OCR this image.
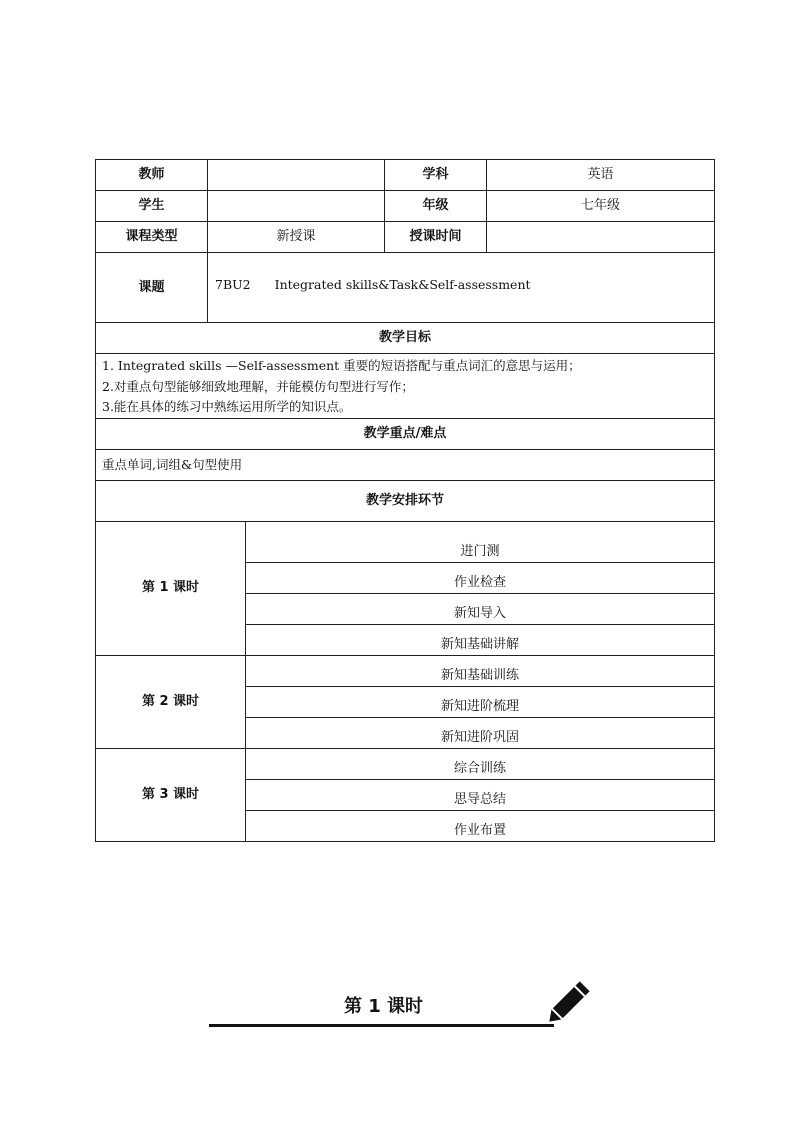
教师		学科	英语
学生		年级	七年级
课程类型	新授课	授课时间	
课题	7BU2 Integrated skills&Task&Self-assessment		
教学目标			

1. Integrated skills —Self-assessment 重要的短语搭配与重点词汇的意思与运用；
2.对重点句型能够细致地理解，并能模仿句型进行写作；
3.能在具体的练习中熟练运用所学的知识点。			

教学重点/难点			
重点单词,词组&句型使用			
教学安排环节			
第 1 课时	进门测
	作业检查
	新知导入
	新知基础讲解
第 2 课时	新知基础训练
	新知进阶梳理
	新知进阶巩固
第 3 课时	综合训练
	思导总结
	作业布置
第 1 课时
